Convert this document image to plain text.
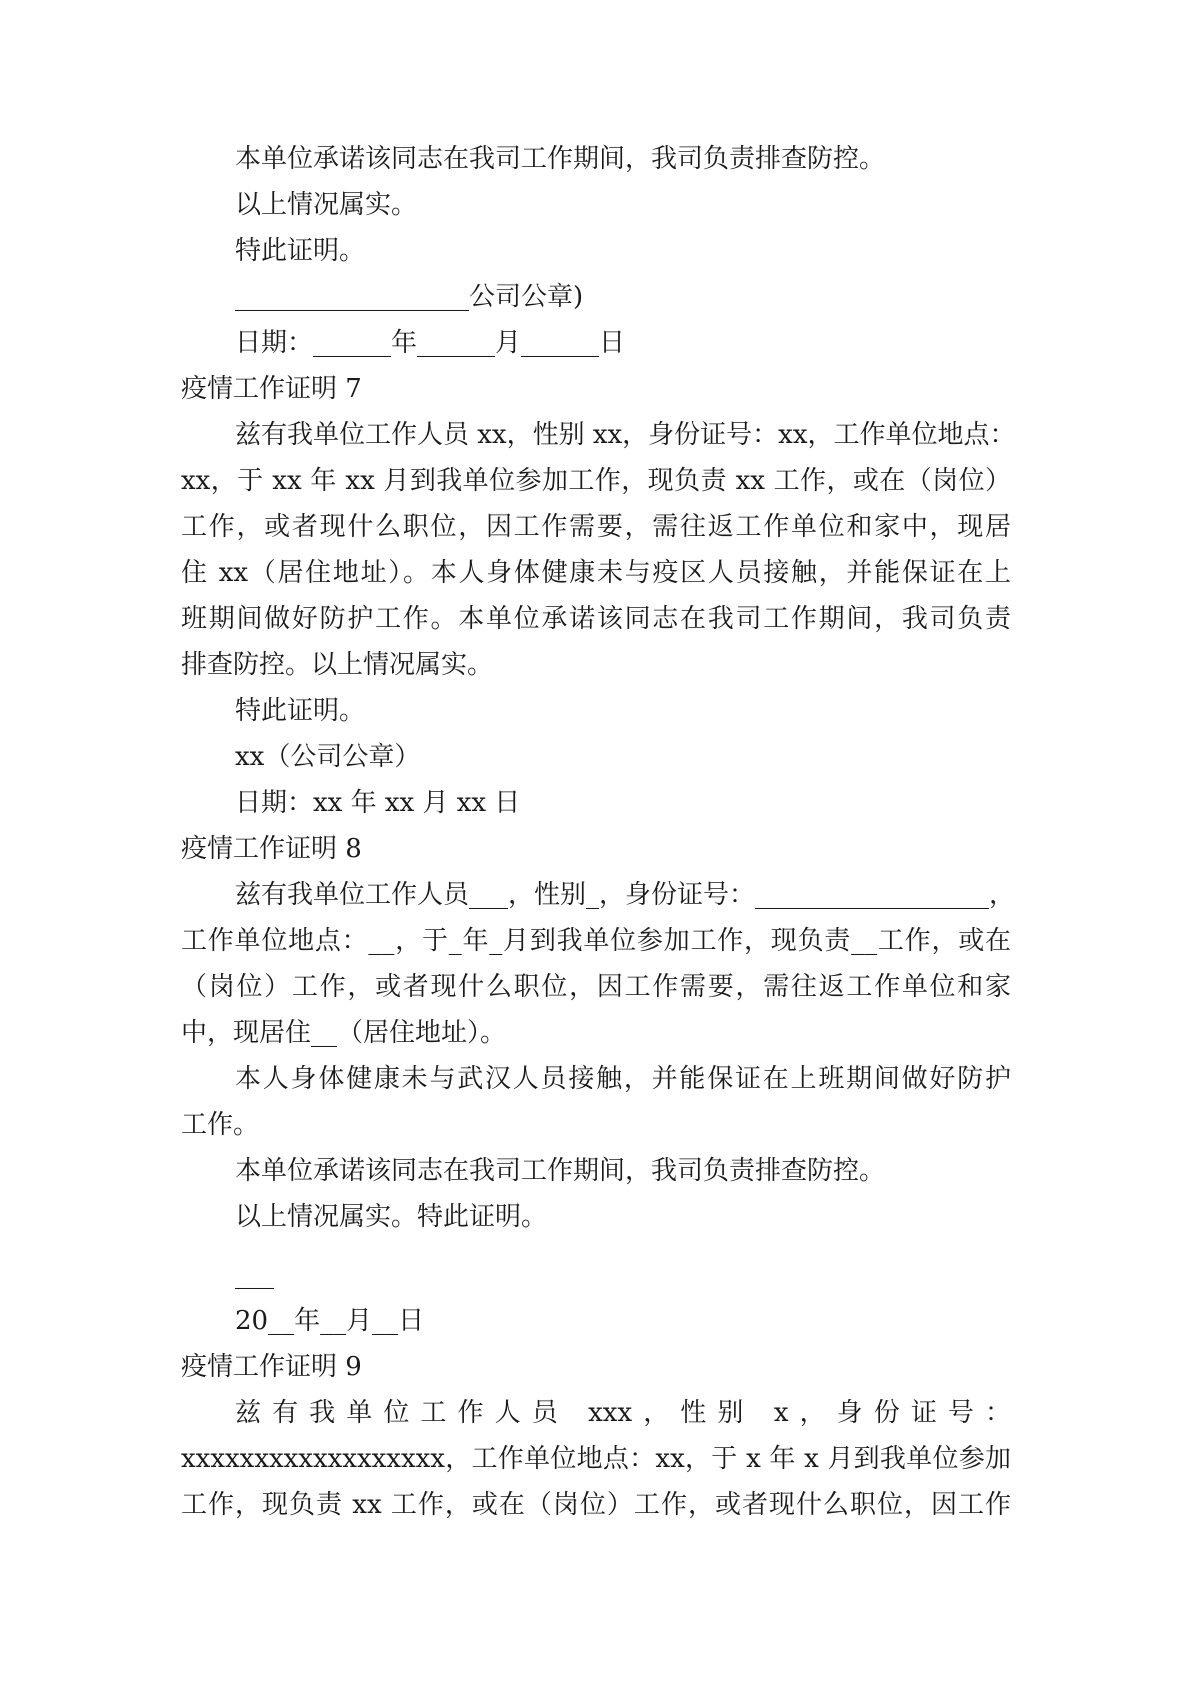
本单位承诺该同志在我司工作期间，我司负责排查防控。
以上情况属实。
特此证明。
__________________公司公章)
日期：______年______月______日
疫情工作证明 7
兹有我单位工作人员 xx，性别 xx，身份证号：xx，工作单位地点：
xx，于 xx 年 xx 月到我单位参加工作，现负责 xx 工作，或在（岗位）
工作，或者现什么职位，因工作需要，需往返工作单位和家中，现居
住 xx（居住地址）。本人身体健康未与疫区人员接触，并能保证在上
班期间做好防护工作。本单位承诺该同志在我司工作期间，我司负责
排查防控。以上情况属实。
特此证明。
xx（公司公章）
日期：xx 年 xx 月 xx 日
疫情工作证明 8
兹有我单位工作人员___，性别_，身份证号：__________________，
工作单位地点：__，于_年_月到我单位参加工作，现负责__工作，或在
（岗位）工作，或者现什么职位，因工作需要，需往返工作单位和家
中，现居住__（居住地址）。
本人身体健康未与武汉人员接触，并能保证在上班期间做好防护
工作。
本单位承诺该同志在我司工作期间，我司负责排查防控。
以上情况属实。特此证明。
___
20__年__月__日
疫情工作证明 9
兹有我单位工作人员 xxx，性别 x，身份证号：
xxxxxxxxxxxxxxxxxx，工作单位地点：xx，于 x 年 x 月到我单位参加
工作，现负责 xx 工作，或在（岗位）工作，或者现什么职位，因工作
